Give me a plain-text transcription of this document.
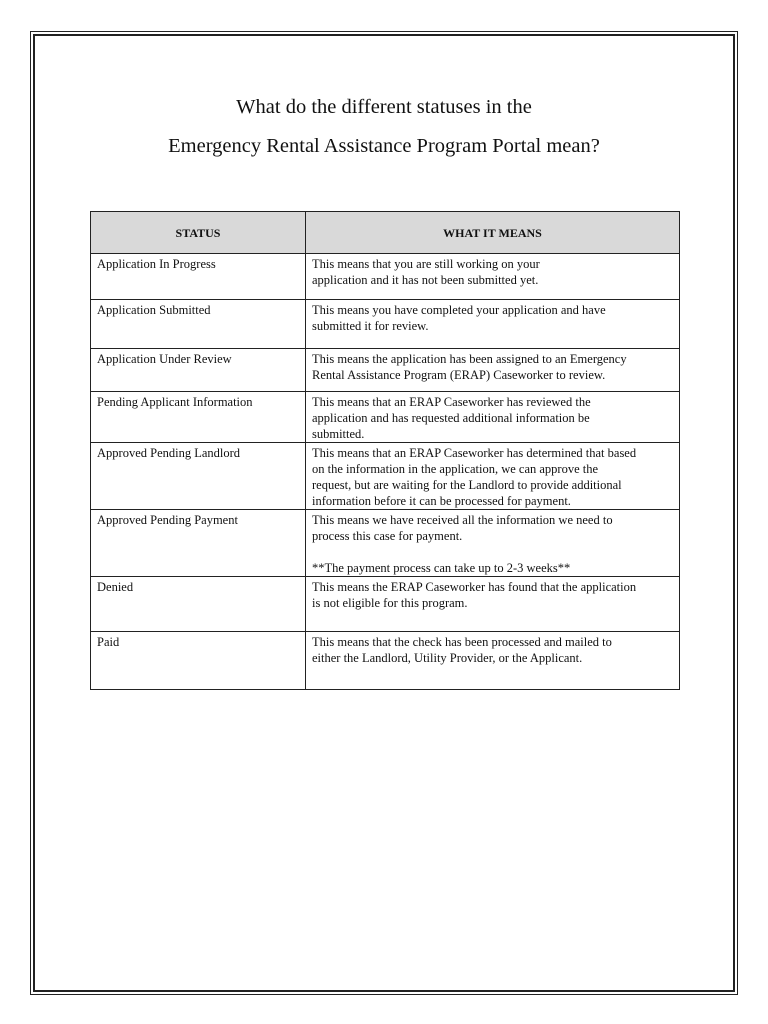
What do the different statuses in the
Emergency Rental Assistance Program Portal mean?
STATUS	WHAT IT MEANS
Application In Progress	This means that you are still working on your
application and it has not been submitted yet.
Application Submitted	This means you have completed your application and have
submitted it for review.
Application Under Review	This means the application has been assigned to an Emergency
Rental Assistance Program (ERAP) Caseworker to review.
Pending Applicant Information	This means that an ERAP Caseworker has reviewed the
application and has requested additional information be
submitted.
Approved Pending Landlord	This means that an ERAP Caseworker has determined that based
on the information in the application, we can approve the
request, but are waiting for the Landlord to provide additional
information before it can be processed for payment.
Approved Pending Payment	This means we have received all the information we need to
process this case for payment.

**The payment process can take up to 2-3 weeks**
Denied	This means the ERAP Caseworker has found that the application
is not eligible for this program.
Paid	This means that the check has been processed and mailed to
either the Landlord, Utility Provider, or the Applicant.
